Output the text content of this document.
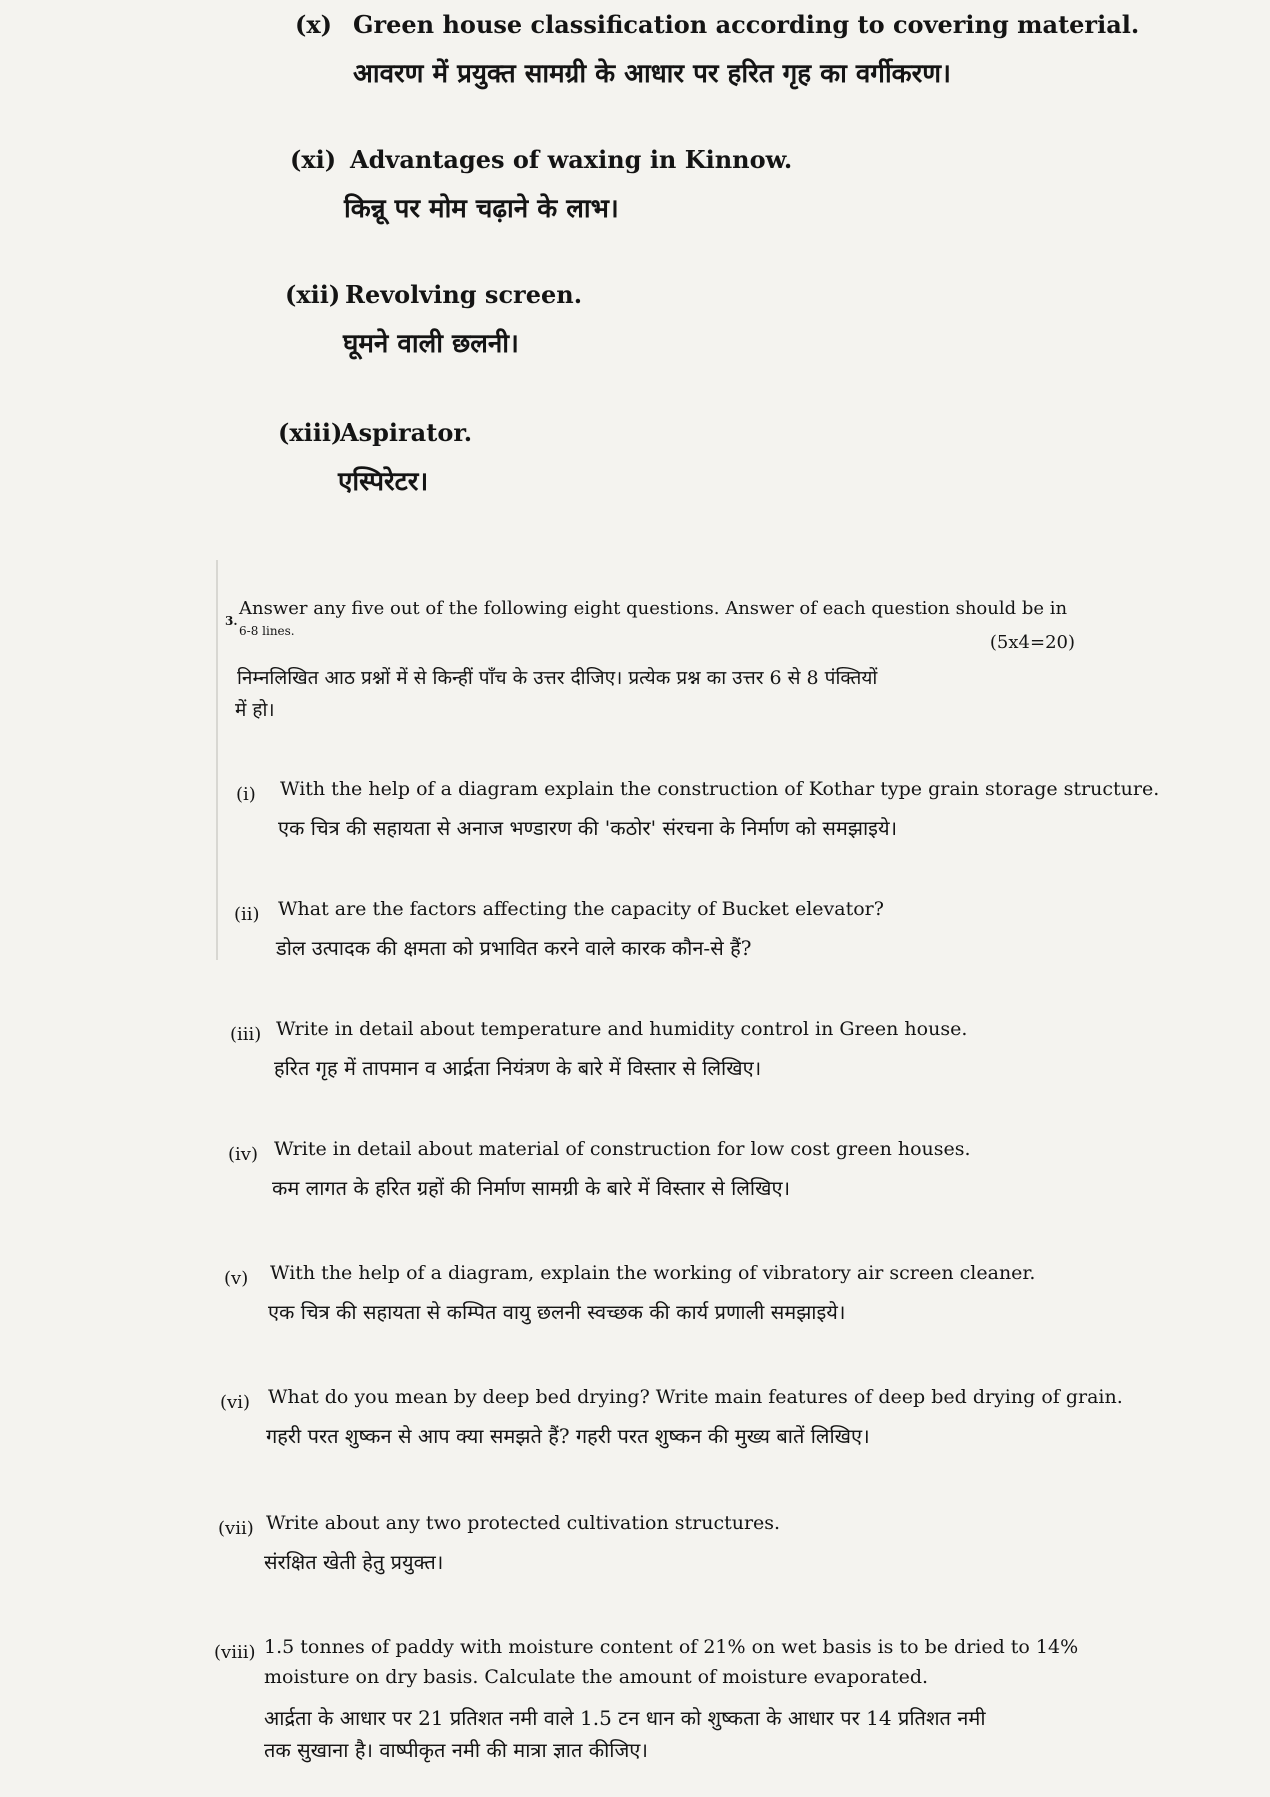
(x) Green house classification according to covering material.
आवरण में प्रयुक्त सामग्री के आधार पर हरित गृह का वर्गीकरण।
(xi) Advantages of waxing in Kinnow.
किन्नू पर मोम चढ़ाने के लाभ।
(xii) Revolving screen.
घूमने वाली छलनी।
(xiii)
Aspirator.
एस्पिरेटर।
3.
Answer any five out of the following eight questions. Answer of each question should be in
6-8 lines.
(5x4=20)
निम्नलिखित आठ प्रश्नों में से किन्हीं पाँच के उत्तर दीजिए। प्रत्येक प्रश्न का उत्तर 6 से 8 पंक्तियों
में हो।
(i) With the help of a diagram explain the construction of Kothar type grain storage structure.
एक चित्र की सहायता से अनाज भण्डारण की 'कठोर' संरचना के निर्माण को समझाइये।
(ii) What are the factors affecting the capacity of Bucket elevator?
डोल उत्पादक की क्षमता को प्रभावित करने वाले कारक कौन-से हैं?
(iii) Write in detail about temperature and humidity control in Green house.
हरित गृह में तापमान व आर्द्रता नियंत्रण के बारे में विस्तार से लिखिए।
(iv) Write in detail about material of construction for low cost green houses.
कम लागत के हरित ग्रहों की निर्माण सामग्री के बारे में विस्तार से लिखिए।
(v) With the help of a diagram, explain the working of vibratory air screen cleaner.
एक चित्र की सहायता से कम्पित वायु छलनी स्वच्छक की कार्य प्रणाली समझाइये।
(vi) What do you mean by deep bed drying? Write main features of deep bed drying of grain.
गहरी परत शुष्कन से आप क्या समझते हैं? गहरी परत शुष्कन की मुख्य बातें लिखिए।
(vii) Write about any two protected cultivation structures.
संरक्षित खेती हेतु प्रयुक्त।
(viii) 1.5 tonnes of paddy with moisture content of 21% on wet basis is to be dried to 14%
moisture on dry basis. Calculate the amount of moisture evaporated.
आर्द्रता के आधार पर 21 प्रतिशत नमी वाले 1.5 टन धान को शुष्कता के आधार पर 14 प्रतिशत नमी
तक सुखाना है। वाष्पीकृत नमी की मात्रा ज्ञात कीजिए।
